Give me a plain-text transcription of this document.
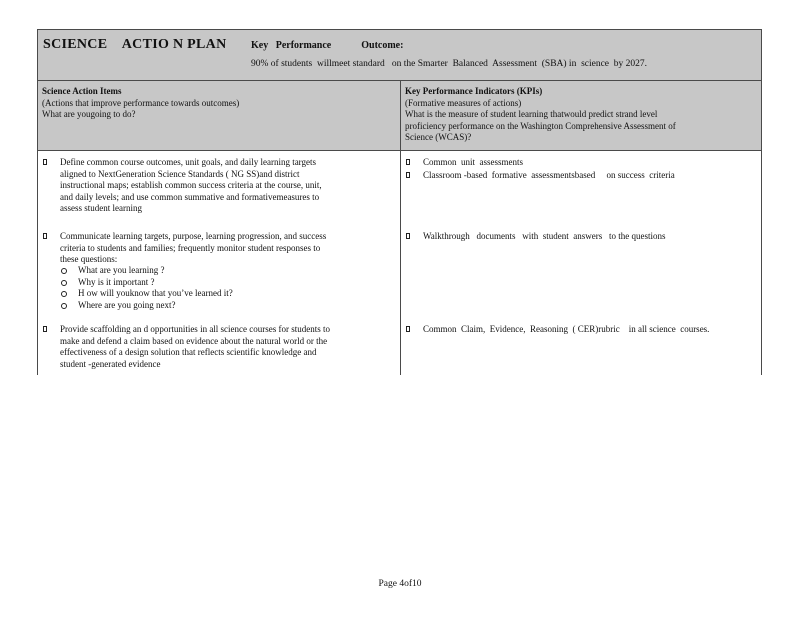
SCIENCE    ACTIO N PLAN Key   Performance            Outcome:
90% of students  willmeet standard   on the Smarter  Balanced  Assessment  (SBA) in  science  by 2027.
Science Action Items
(Actions that improve performance towards outcomes)
What are yougoing to do?
Key Performance Indicators (KPIs)
(Formative measures of actions)
What is the measure of student learning thatwould predict strand level
proficiency performance on the Washington Comprehensive Assessment of
Science (WCAS)?
Define common course outcomes, unit goals, and daily learning targets
aligned to NextGeneration Science Standards ( NG SS)and district
instructional maps; establish common success criteria at the course, unit,
and daily levels; and use common summative and formativemeasures to
assess student learning
Communicate learning targets, purpose, learning progression, and success
criteria to students and families; frequently monitor student responses to
these questions:
What are you learning ?
Why is it important ?
H ow will youknow that you’ve learned it?
Where are you going next?
Provide scaffolding an d opportunities in all science courses for students to
make and defend a claim based on evidence about the natural world or the
effectiveness of a design solution that reflects scientific knowledge and
student -generated evidence
Common  unit  assessments
Classroom -based  formative  assessmentsbased     on success  criteria
Walkthrough   documents   with  student  answers   to the questions
Common  Claim,  Evidence,  Reasoning  ( CER)rubric    in all science  courses.
Page 4of10
